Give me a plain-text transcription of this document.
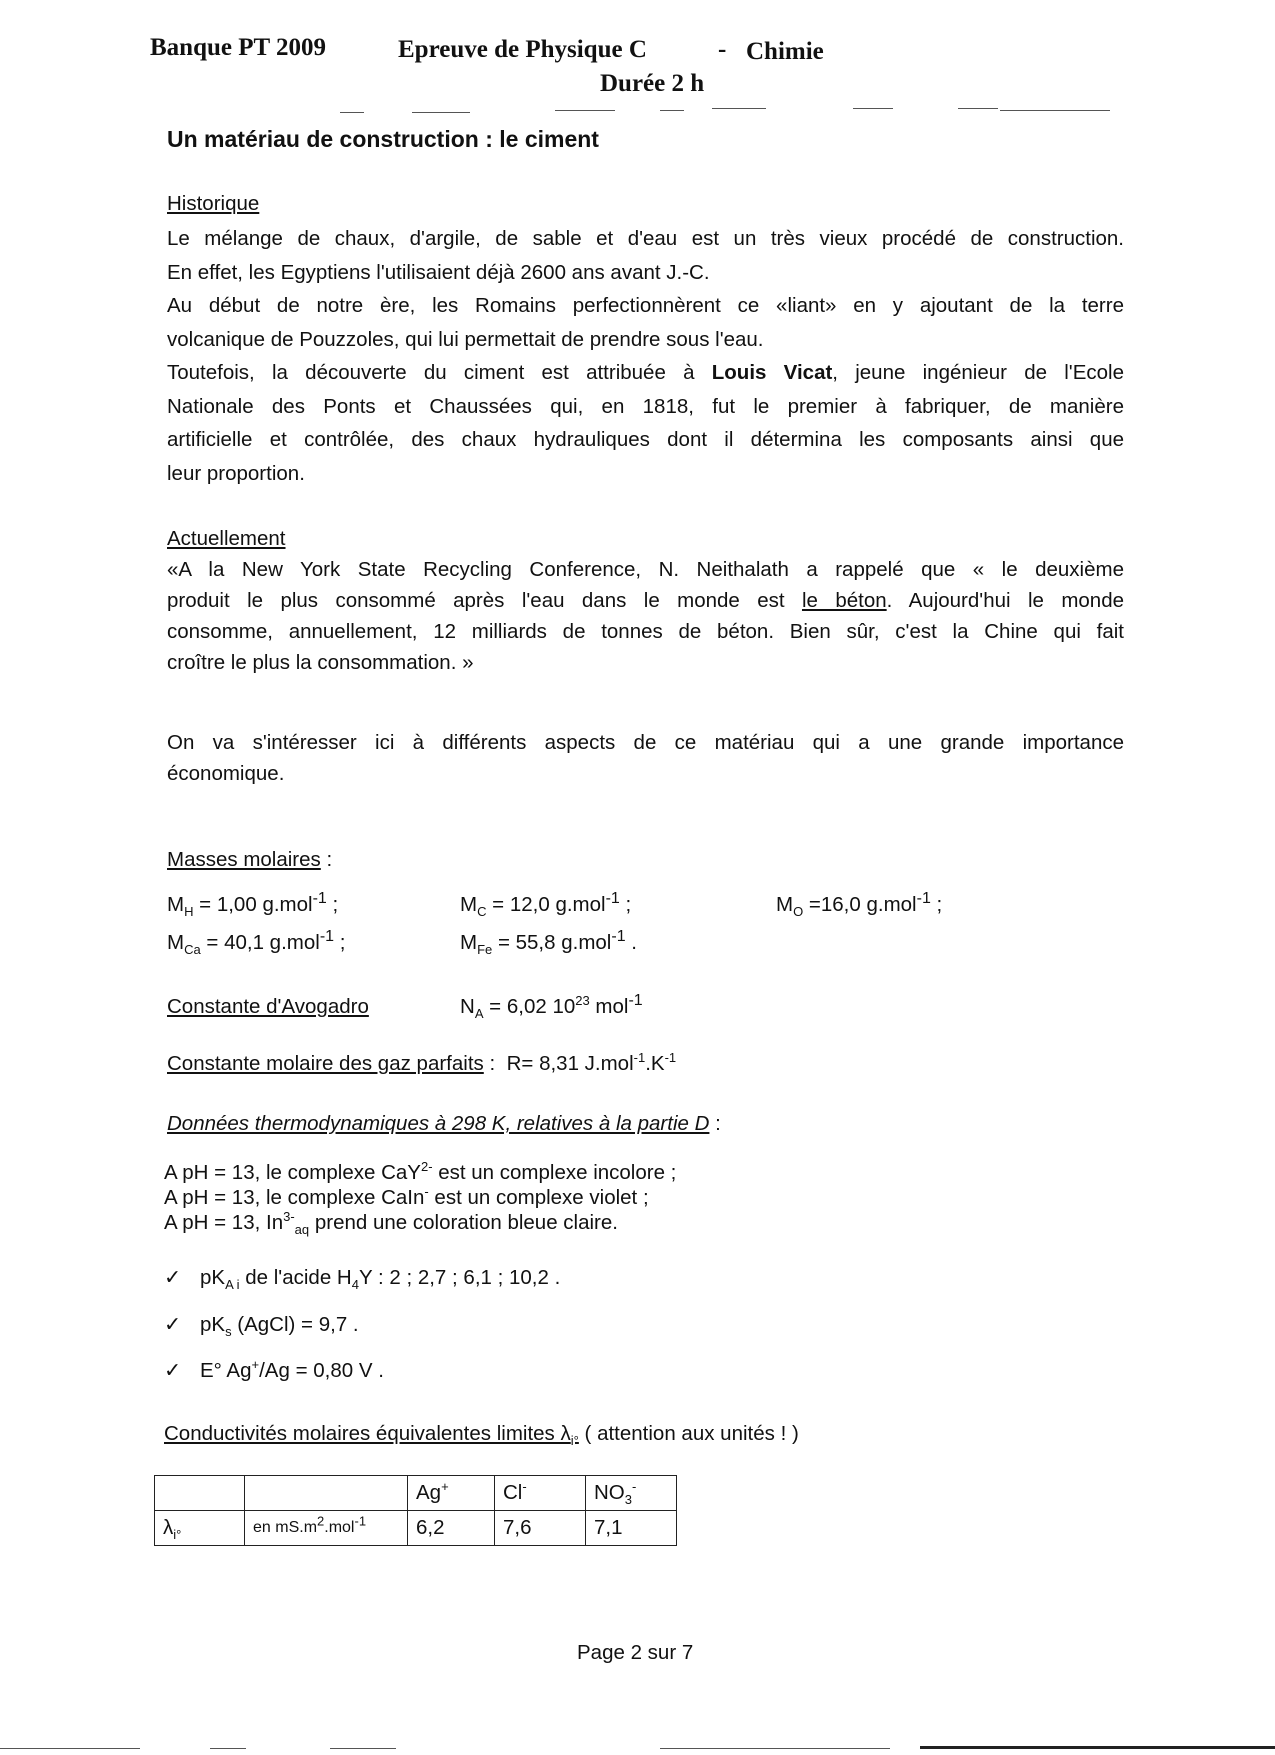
Banque PT 2009	Epreuve de Physique C	- Chimie
Durée 2 h
Un matériau de construction : le ciment
Historique
Le mélange de chaux, d'argile, de sable et d'eau est un très vieux procédé de construction.
En effet, les Egyptiens l'utilisaient déjà 2600 ans avant J.-C.
Au début de notre ère, les Romains perfectionnèrent ce «liant» en y ajoutant de la terre
volcanique de Pouzzoles, qui lui permettait de prendre sous l'eau.
Toutefois, la découverte du ciment est attribuée à Louis Vicat, jeune ingénieur de l'Ecole
Nationale des Ponts et Chaussées qui, en 1818, fut le premier à fabriquer, de manière
artificielle et contrôlée, des chaux hydrauliques dont il détermina les composants ainsi que
leur proportion.
Actuellement
«A la New York State Recycling Conference, N. Neithalath a rappelé que « le deuxième
produit le plus consommé après l'eau dans le monde est le béton. Aujourd'hui le monde
consomme, annuellement, 12 milliards de tonnes de béton. Bien sûr, c'est la Chine qui fait
croître le plus la consommation. »
On va s'intéresser ici à différents aspects de ce matériau qui a une grande importance
économique.
Masses molaires :
$M_H = 1,00$ g.mol$^{-1}$ ;	$M_C = 12,0$ g.mol$^{-1}$ ;	$M_O =16,0$ g.mol$^{-1}$ ;
$M_{Ca} = 40,1$ g.mol$^{-1}$ ;	$M_{Fe} = 55,8$ g.mol$^{-1}$ .
Constante d'Avogadro	$N_A = 6,02$ $10^{23}$ mol$^{-1}$
Constante molaire des gaz parfaits : R= 8,31 $J.mol^{-1}.K^{-1}$
Données thermodynamiques à 298 K, relatives à la partie D :
A pH = 13, le complexe CaY$^{2-}$ est un complexe incolore ;
A pH = 13, le complexe CaIn- est un complexe violet ;
A pH = 13, $In^{3-}_{aq}$ prend une coloration bleue claire.
✓ $pK_{A i}$ de l'acide $H_4Y$ : 2 ; 2,7 ; 6,1 ; 10,2 .
✓ $pK_s$ (AgCl) = 9,7 .
✓ E° Ag+/Ag = 0,80 V .
Conductivités molaires équivalentes limites $\lambda_{i^\circ}$ ( attention aux unités ! )
		Ag+	Cl-	$NO_3^-$
$\lambda_{i^\circ}$	en $mS.m^2.mol^{-1}$	6,2	7,6	7,1
Page 2 sur 7
